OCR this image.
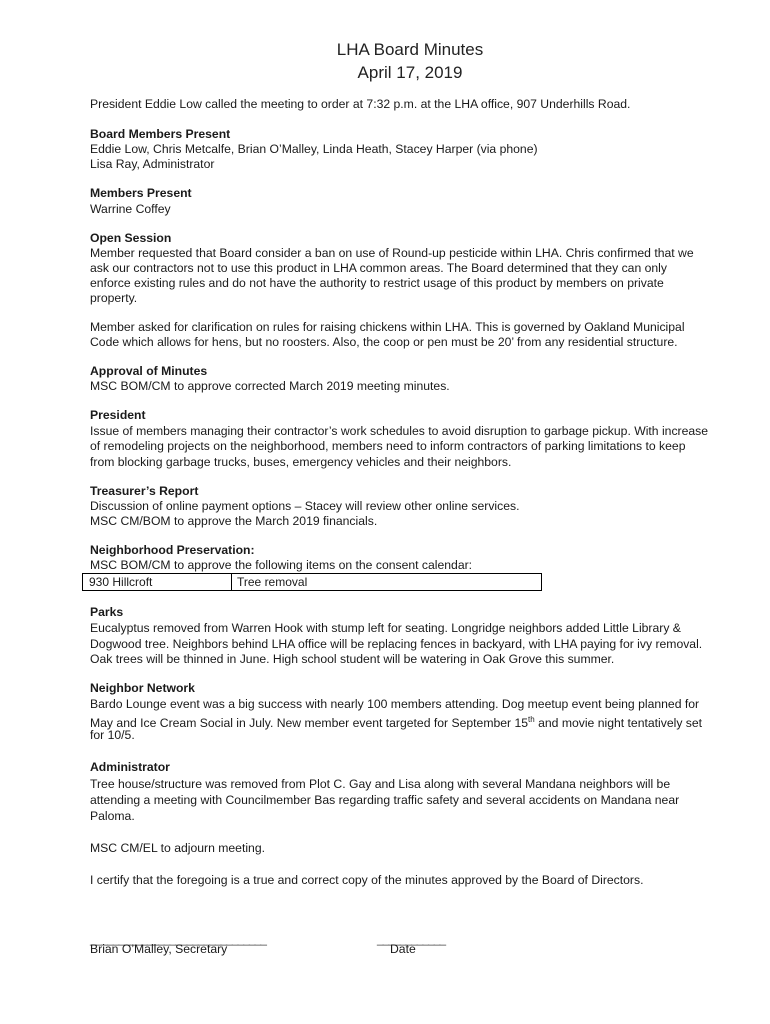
LHA Board Minutes
April 17, 2019
President Eddie Low called the meeting to order at 7:32 p.m. at the LHA office, 907 Underhills Road.
Board Members Present
Eddie Low, Chris Metcalfe, Brian O’Malley, Linda Heath, Stacey Harper (via phone)
Lisa Ray, Administrator
Members Present
Warrine Coffey
Open Session
Member requested that Board consider a ban on use of Round-up pesticide within LHA. Chris confirmed that we
ask our contractors not to use this product in LHA common areas. The Board determined that they can only
enforce existing rules and do not have the authority to restrict usage of this product by members on private
property.
Member asked for clarification on rules for raising chickens within LHA. This is governed by Oakland Municipal
Code which allows for hens, but no roosters. Also, the coop or pen must be 20’ from any residential structure.
Approval of Minutes
MSC BOM/CM to approve corrected March 2019 meeting minutes.
President
Issue of members managing their contractor’s work schedules to avoid disruption to garbage pickup. With increase
of remodeling projects on the neighborhood, members need to inform contractors of parking limitations to keep
from blocking garbage trucks, buses, emergency vehicles and their neighbors.
Treasurer’s Report
Discussion of online payment options – Stacey will review other online services.
MSC CM/BOM to approve the March 2019 financials.
Neighborhood Preservation:
MSC BOM/CM to approve the following items on the consent calendar:
930 Hillcroft	Tree removal
Parks
Eucalyptus removed from Warren Hook with stump left for seating. Longridge neighbors added Little Library &
Dogwood tree. Neighbors behind LHA office will be replacing fences in backyard, with LHA paying for ivy removal.
Oak trees will be thinned in June. High school student will be watering in Oak Grove this summer.
Neighbor Network
Bardo Lounge event was a big success with nearly 100 members attending. Dog meetup event being planned for
May and Ice Cream Social in July. New member event targeted for September 15th and movie night tentatively set
for 10/5.
Administrator
Tree house/structure was removed from Plot C. Gay and Lisa along with several Mandana neighbors will be
attending a meeting with Councilmember Bas regarding traffic safety and several accidents on Mandana near
Paloma.
MSC CM/EL to adjourn meeting.
I certify that the foregoing is a true and correct copy of the minutes approved by the Board of Directors.
_______________________________	____________
Brian O’Malley, Secretary	Date
